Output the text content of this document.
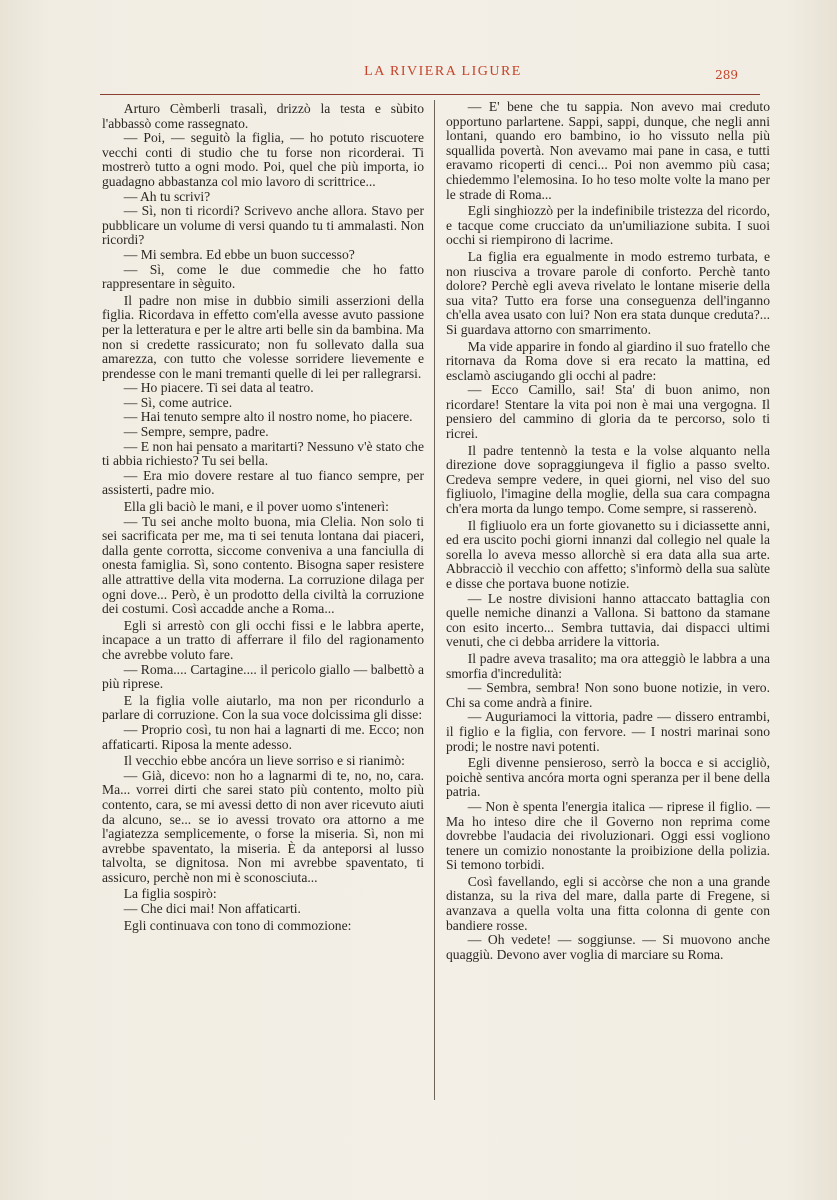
LA RIVIERA LIGURE	289

Arturo Cèmberli trasalì, drizzò la testa e sùbito l'abbassò come rassegnato.

— Poi, — seguitò la figlia, — ho potuto riscuotere vecchi conti di studio che tu forse non ricorderai. Ti mostrerò tutto a ogni modo. Poi, quel che più importa, io guadagno abbastanza col mio lavoro di scrittrice...

— Ah tu scrivi?

— Sì, non ti ricordi? Scrivevo anche allora. Stavo per pubblicare un volume di versi quando tu ti ammalasti. Non ricordi?

— Mi sembra. Ed ebbe un buon successo?

— Sì, come le due commedie che ho fatto rappresentare in sèguito.

Il padre non mise in dubbio simili asserzioni della figlia. Ricordava in effetto com'ella avesse avuto passione per la letteratura e per le altre arti belle sin da bambina. Ma non si credette rassicurato; non fu sollevato dalla sua amarezza, con tutto che volesse sorridere lievemente e prendesse con le mani tremanti quelle di lei per rallegrarsi.

— Ho piacere. Ti sei data al teatro.

— Sì, come autrice.

— Hai tenuto sempre alto il nostro nome, ho piacere.

— Sempre, sempre, padre.

— E non hai pensato a maritarti? Nessuno v'è stato che ti abbia richiesto? Tu sei bella.

— Era mio dovere restare al tuo fianco sempre, per assisterti, padre mio.

Ella gli baciò le mani, e il pover uomo s'intenerì:

— Tu sei anche molto buona, mia Clelia. Non solo ti sei sacrificata per me, ma ti sei tenuta lontana dai piaceri, dalla gente corrotta, siccome conveniva a una fanciulla di onesta famiglia. Sì, sono contento. Bisogna saper resistere alle attrattive della vita moderna. La corruzione dilaga per ogni dove... Però, è un prodotto della civiltà la corruzione dei costumi. Così accadde anche a Roma...

Egli si arrestò con gli occhi fissi e le labbra aperte, incapace a un tratto di afferrare il filo del ragionamento che avrebbe voluto fare.

— Roma.... Cartagine.... il pericolo giallo — balbettò a più riprese.

E la figlia volle aiutarlo, ma non per ricondurlo a parlare di corruzione. Con la sua voce dolcissima gli disse:

— Proprio così, tu non hai a lagnarti di me. Ecco; non affaticarti. Riposa la mente adesso.

Il vecchio ebbe ancóra un lieve sorriso e si rianimò:

— Già, dicevo: non ho a lagnarmi di te, no, no, cara. Ma... vorrei dirti che sarei stato più contento, molto più contento, cara, se mi avessi detto di non aver ricevuto aiuti da alcuno, se... se io avessi trovato ora attorno a me l'agiatezza semplicemente, o forse la miseria. Sì, non mi avrebbe spaventato, la miseria. È da anteporsi al lusso talvolta, se dignitosa. Non mi avrebbe spaventato, ti assicuro, perchè non mi è sconosciuta...

La figlia sospirò:

— Che dici mai! Non affaticarti.

Egli continuava con tono di commozione:

— E' bene che tu sappia. Non avevo mai creduto opportuno parlartene. Sappi, sappi, dunque, che negli anni lontani, quando ero bambino, io ho vissuto nella più squallida povertà. Non avevamo mai pane in casa, e tutti eravamo ricoperti di cenci... Poi non avemmo più casa; chiedemmo l'elemosina. Io ho teso molte volte la mano per le strade di Roma...

Egli singhiozzò per la indefinibile tristezza del ricordo, e tacque come crucciato da un'umiliazione subita. I suoi occhi si riempirono di lacrime.

La figlia era egualmente in modo estremo turbata, e non riusciva a trovare parole di conforto. Perchè tanto dolore? Perchè egli aveva rivelato le lontane miserie della sua vita? Tutto era forse una conseguenza dell'inganno ch'ella avea usato con lui? Non era stata dunque creduta?... Si guardava attorno con smarrimento.

Ma vide apparire in fondo al giardino il suo fratello che ritornava da Roma dove si era recato la mattina, ed esclamò asciugando gli occhi al padre:

— Ecco Camillo, sai! Sta' di buon animo, non ricordare! Stentare la vita poi non è mai una vergogna. Il pensiero del cammino di gloria da te percorso, solo ti ricrei.

Il padre tentennò la testa e la volse alquanto nella direzione dove sopraggiungeva il figlio a passo svelto. Credeva sempre vedere, in quei giorni, nel viso del suo figliuolo, l'imagine della moglie, della sua cara compagna ch'era morta da lungo tempo. Come sempre, si rasserenò.

Il figliuolo era un forte giovanetto su i diciassette anni, ed era uscito pochi giorni innanzi dal collegio nel quale la sorella lo aveva messo allorchè si era data alla sua arte. Abbracciò il vecchio con affetto; s'informò della sua salùte e disse che portava buone notizie.

— Le nostre divisioni hanno attaccato battaglia con quelle nemiche dinanzi a Vallona. Si battono da stamane con esito incerto... Sembra tuttavia, dai dispacci ultimi venuti, che ci debba arridere la vittoria.

Il padre aveva trasalito; ma ora atteggiò le labbra a una smorfia d'incredulità:

— Sembra, sembra! Non sono buone notizie, in vero. Chi sa come andrà a finire.

— Auguriamoci la vittoria, padre — dissero entrambi, il figlio e la figlia, con fervore. — I nostri marinai sono prodi; le nostre navi potenti.

Egli divenne pensieroso, serrò la bocca e si accigliò, poichè sentiva ancóra morta ogni speranza per il bene della patria.

— Non è spenta l'energia italica — riprese il figlio. — Ma ho inteso dire che il Governo non reprima come dovrebbe l'audacia dei rivoluzionari. Oggi essi vogliono tenere un comizio nonostante la proibizione della polizia. Si temono torbidi.

Così favellando, egli si accòrse che non a una grande distanza, su la riva del mare, dalla parte di Fregene, si avanzava a quella volta una fitta colonna di gente con bandiere rosse.

— Oh vedete! — soggiunse. — Si muovono anche quaggiù. Devono aver voglia di marciare su Roma.
